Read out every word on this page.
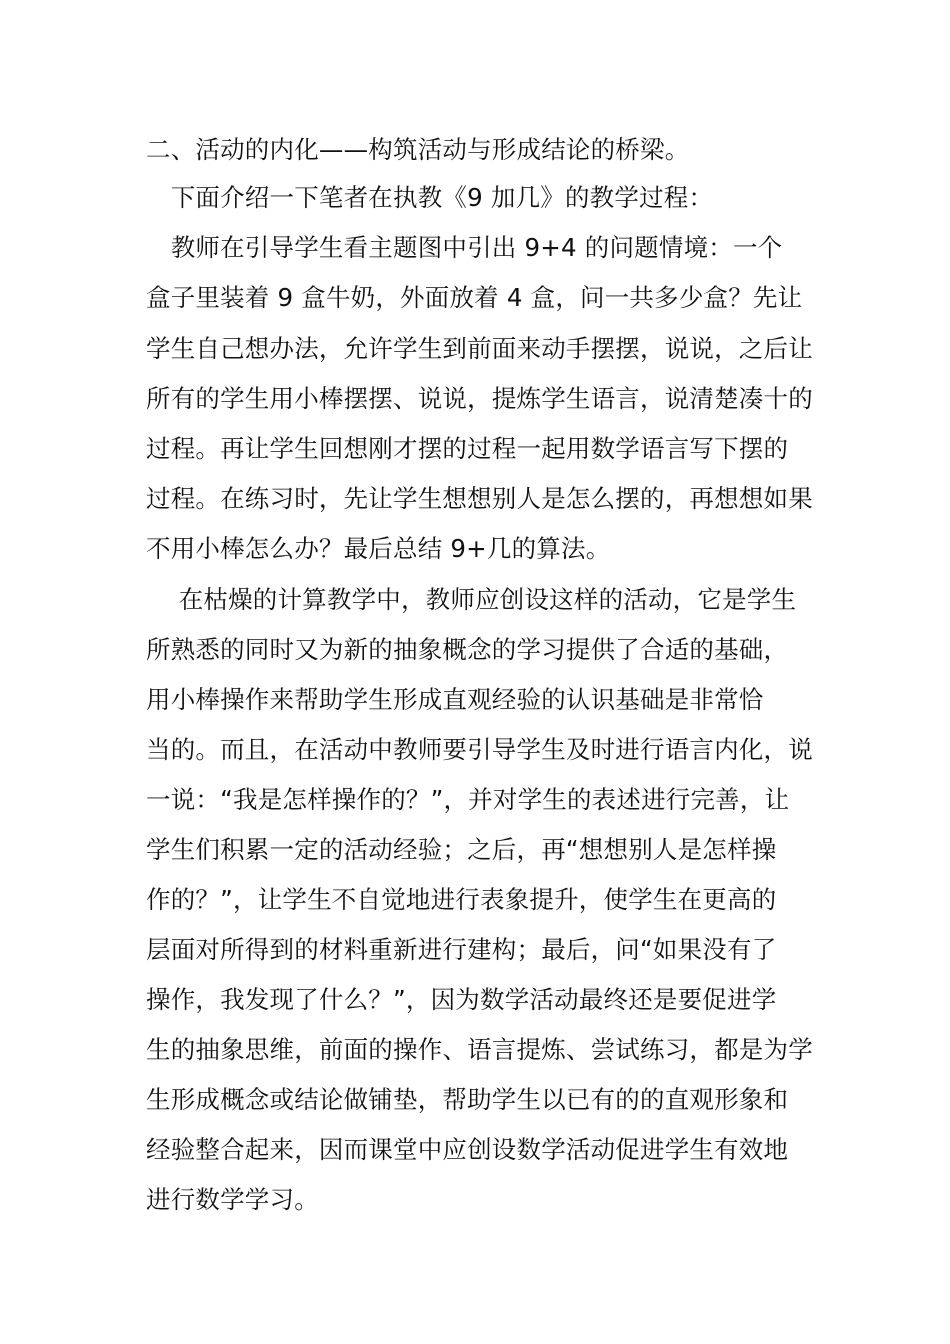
二、活动的内化——构筑活动与形成结论的桥梁。
　下面介绍一下笔者在执教《9 加几》的教学过程：
　教师在引导学生看主题图中引出 9+4 的问题情境：一个
盒子里装着 9 盒牛奶，外面放着 4 盒，问一共多少盒？先让
学生自己想办法，允许学生到前面来动手摆摆，说说，之后让
所有的学生用小棒摆摆、说说，提炼学生语言，说清楚凑十的
过程。再让学生回想刚才摆的过程一起用数学语言写下摆的
过程。在练习时，先让学生想想别人是怎么摆的，再想想如果
不用小棒怎么办？最后总结 9+几的算法。
　 在枯燥的计算教学中，教师应创设这样的活动，它是学生
所熟悉的同时又为新的抽象概念的学习提供了合适的基础，
用小棒操作来帮助学生形成直观经验的认识基础是非常恰
当的。而且，在活动中教师要引导学生及时进行语言内化，说
一说：“我是怎样操作的？”，并对学生的表述进行完善，让
学生们积累一定的活动经验；之后，再“想想别人是怎样操
作的？”，让学生不自觉地进行表象提升，使学生在更高的
层面对所得到的材料重新进行建构；最后，问“如果没有了
操作，我发现了什么？”，因为数学活动最终还是要促进学
生的抽象思维，前面的操作、语言提炼、尝试练习，都是为学
生形成概念或结论做铺垫，帮助学生以已有的的直观形象和
经验整合起来，因而课堂中应创设数学活动促进学生有效地
进行数学学习。
